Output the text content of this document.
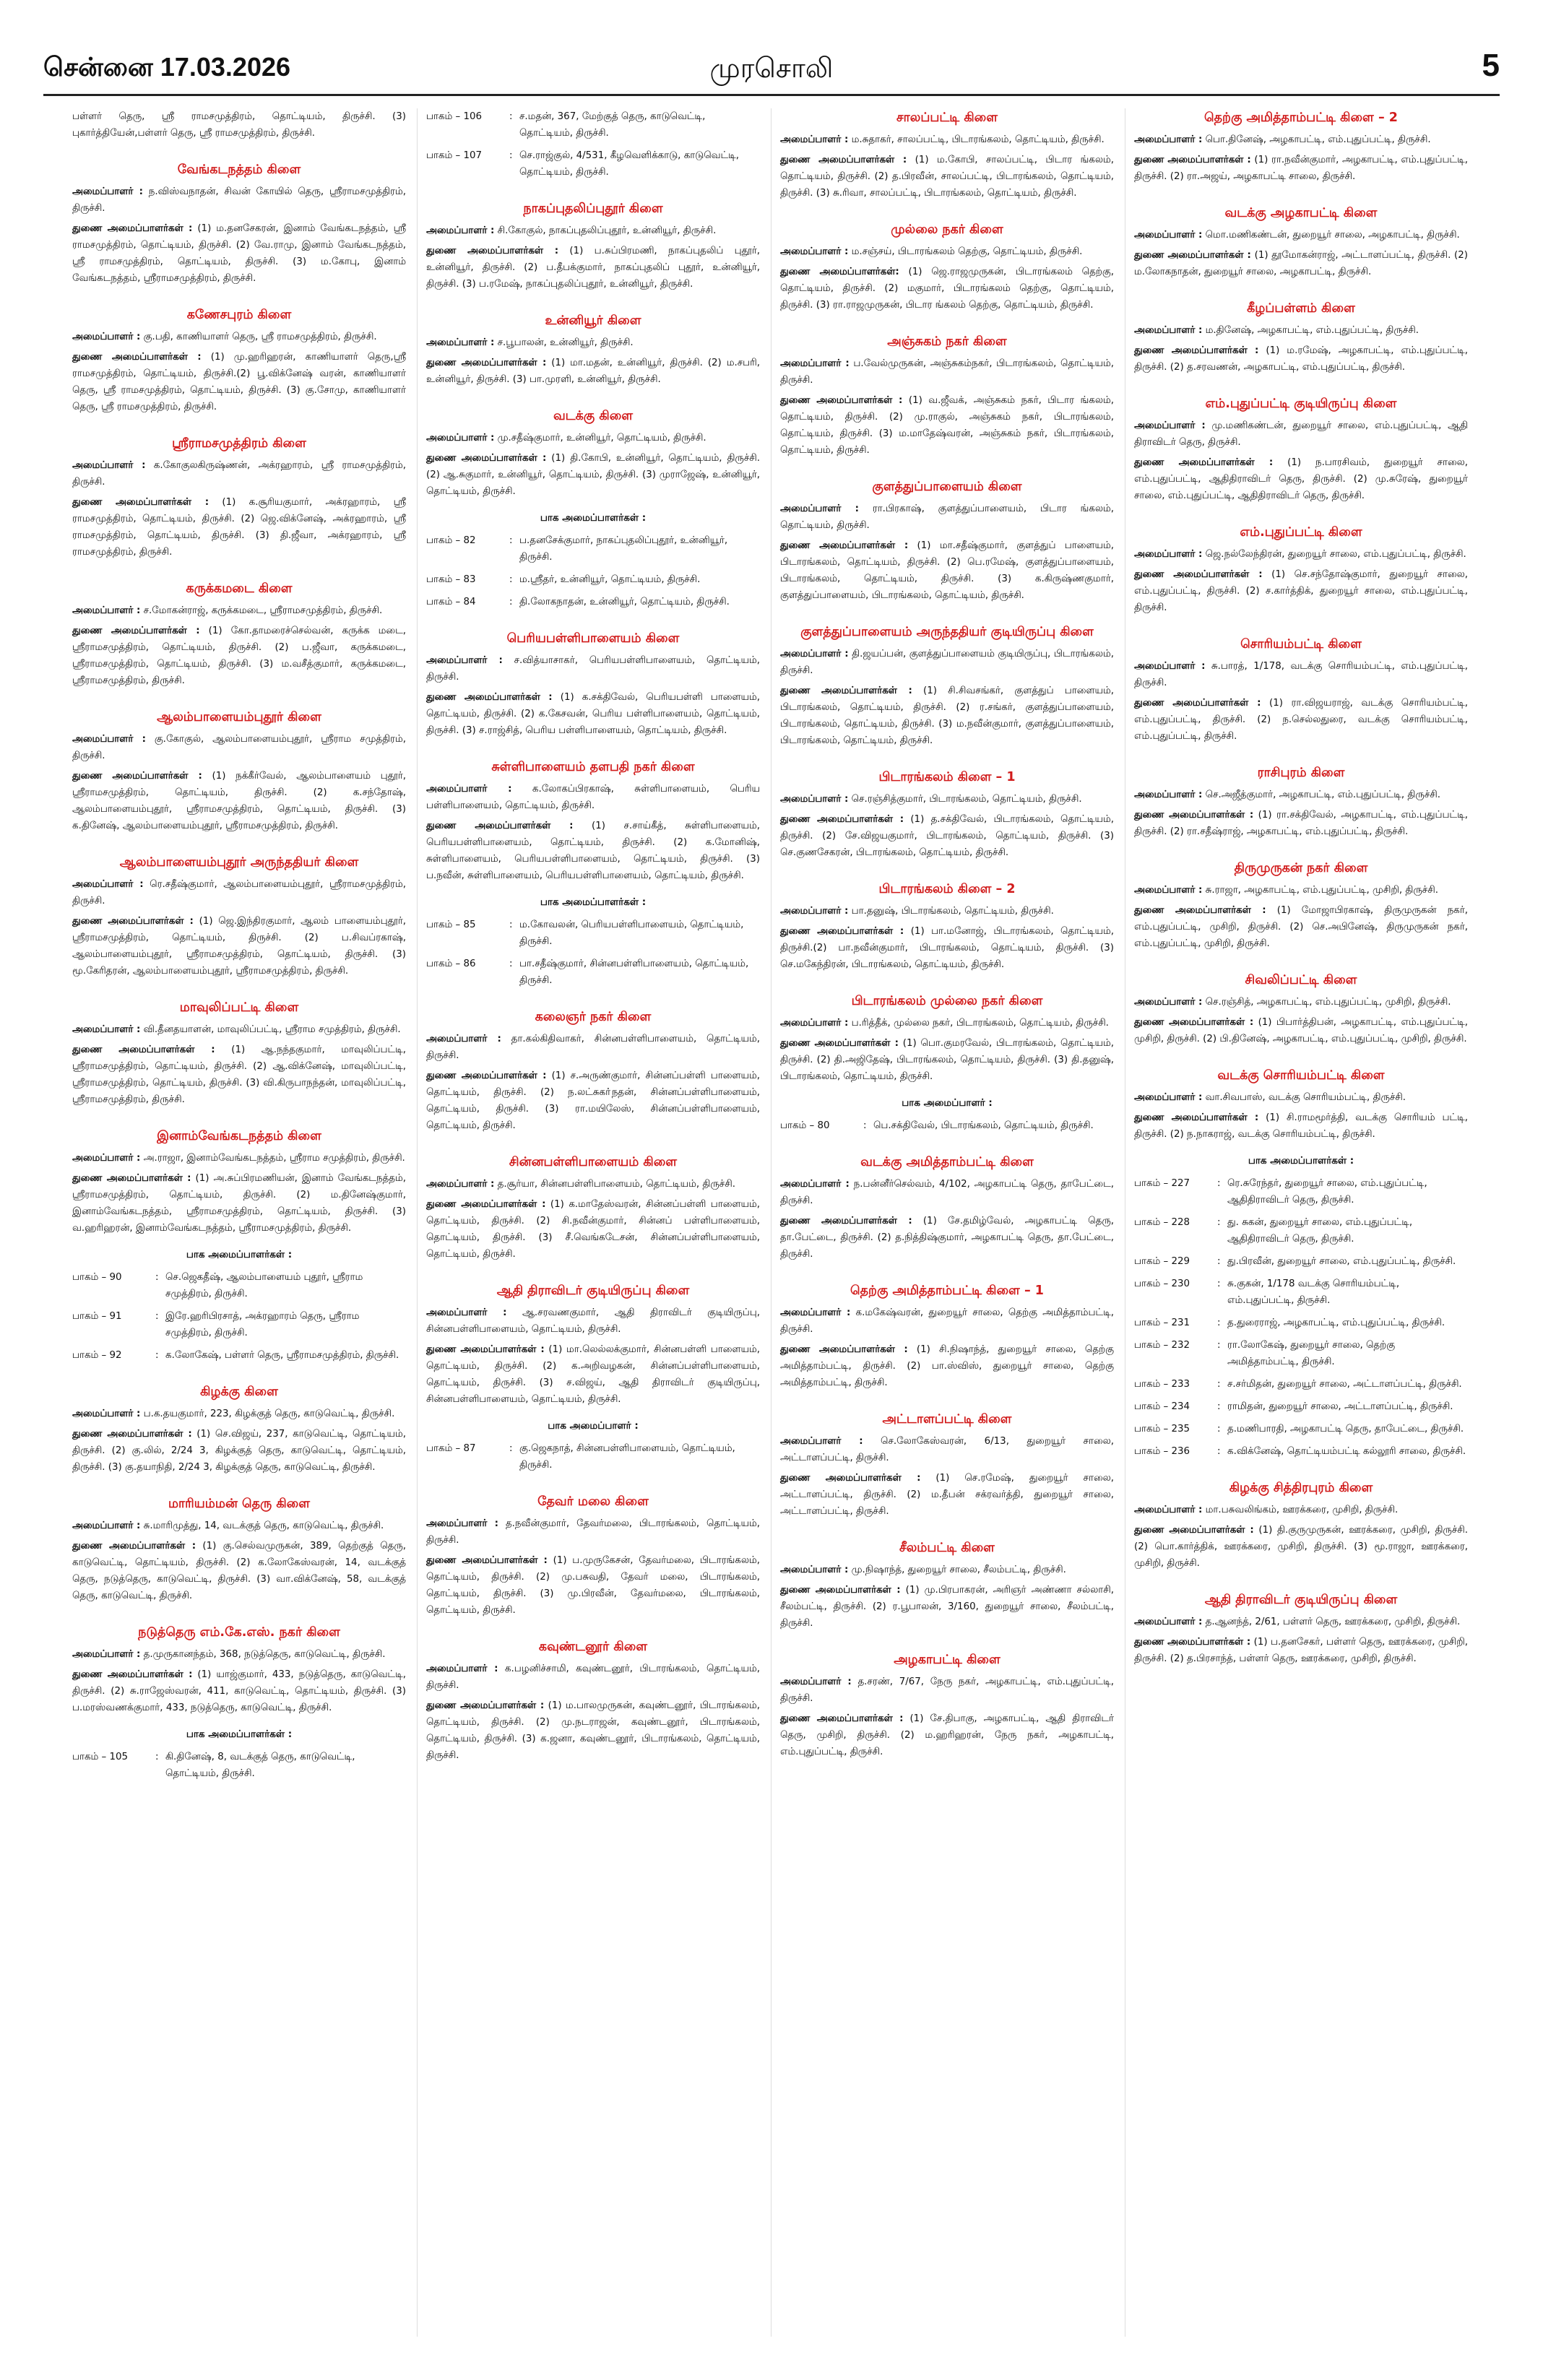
சென்னை 17.03.2026	முரசொலி	5

பள்ளர் தெரு, ஸ்ரீ ராமசமுத்திரம், தொட்டியம், திருச்சி. (3) புகார்த்தியேன்,பள்ளர் தெரு, ஸ்ரீ ராமசமுத்திரம், திருச்சி.

வேங்கடநத்தம் கிளை

அமைப்பாளர் : ந.விஸ்வநாதன், சிவன் கோயில் தெரு, ஸ்ரீராமசமுத்திரம், திருச்சி.

துணை அமைப்பாளர்கள் : (1) ம.தனசேகரன், இனாம் வேங்கடநத்தம், ஸ்ரீ ராமசமுத்திரம், தொட்டியம், திருச்சி. (2) வே.ராமு, இனாம் வேங்கடநத்தம், ஸ்ரீ ராமசமுத்திரம், தொட்டியம், திருச்சி. (3) ம.கோபு, இனாம் வேங்கடநத்தம், ஸ்ரீராமசமுத்திரம், திருச்சி.

கணேசபுரம் கிளை

அமைப்பாளர் : கு.பதி, காணியாளர் தெரு, ஸ்ரீ ராமசமுத்திரம், திருச்சி.

துணை அமைப்பாளர்கள் : (1) மு.ஹரிஹரன், காணியாளர் தெரு,ஸ்ரீ ராமசமுத்திரம், தொட்டியம், திருச்சி.(2) பூ.விக்னேஷ் வரன், காணியாளர் தெரு, ஸ்ரீ ராமசமுத்திரம், தொட்டியம், திருச்சி. (3) கு.சோமு, காணியாளர் தெரு, ஸ்ரீ ராமசமுத்திரம், திருச்சி.

ஸ்ரீராமசமுத்திரம் கிளை

அமைப்பாளர் : க.கோகுலகிருஷ்ணன், அக்ரஹாரம், ஸ்ரீ ராமசமுத்திரம், திருச்சி.

துணை அமைப்பாளர்கள் : (1) க.சூரியகுமார், அக்ரஹாரம், ஸ்ரீ ராமசமுத்திரம், தொட்டியம், திருச்சி. (2) ஜெ.விக்னேஷ், அக்ரஹாரம், ஸ்ரீ ராமசமுத்திரம், தொட்டியம், திருச்சி. (3) தி.ஜீவா, அக்ரஹாரம், ஸ்ரீ ராமசமுத்திரம், திருச்சி.

கருக்கமடை கிளை

அமைப்பாளர் : ச.மோகன்ராஜ், கருக்கமடை, ஸ்ரீராமசமுத்திரம், திருச்சி.

துணை அமைப்பாளர்கள் : (1) கோ.தாமரைச்செல்வன், கருக்க மடை, ஸ்ரீராமசமுத்திரம், தொட்டியம், திருச்சி. (2) ப.ஜீவா, கருக்கமடை, ஸ்ரீராமசமுத்திரம், தொட்டியம், திருச்சி. (3) ம.வசீத்குமார், கருக்கமடை, ஸ்ரீராமசமுத்திரம், திருச்சி.

ஆலம்பாளையம்புதூர் கிளை

அமைப்பாளர் : கு.கோகுல், ஆலம்பாளையம்புதூர், ஸ்ரீராம சமுத்திரம், திருச்சி.

துணை அமைப்பாளர்கள் : (1) நக்கீர்வேல், ஆலம்பாளையம் புதூர், ஸ்ரீராமசமுத்திரம், தொட்டியம், திருச்சி. (2) க.சந்தோஷ், ஆலம்பாளையம்புதூர், ஸ்ரீராமசமுத்திரம், தொட்டியம், திருச்சி. (3) க.தினேஷ், ஆலம்பாளையம்புதூர், ஸ்ரீராமசமுத்திரம், திருச்சி.

ஆலம்பாளையம்புதூர் அருந்ததியர் கிளை

அமைப்பாளர் : ரெ.சதீஷ்குமார், ஆலம்பாளையம்புதூர், ஸ்ரீராமசமுத்திரம், திருச்சி.

துணை அமைப்பாளர்கள் : (1) ஜெ.இந்திரகுமார், ஆலம் பாளையம்புதூர், ஸ்ரீராமசமுத்திரம், தொட்டியம், திருச்சி. (2) ப.சிவப்ரகாஷ், ஆலம்பாளையம்புதூர், ஸ்ரீராமசமுத்திரம், தொட்டியம், திருச்சி. (3) மூ.கேரிதரன், ஆலம்பாளையம்புதூர், ஸ்ரீராமசமுத்திரம், திருச்சி.

மாவுலிப்பட்டி கிளை

அமைப்பாளர் : வி.தீனதயாளன், மாவுலிப்பட்டி, ஸ்ரீராம சமுத்திரம், திருச்சி.

துணை அமைப்பாளர்கள் : (1) ஆ.நந்தகுமார், மாவுலிப்பட்டி, ஸ்ரீராமசமுத்திரம், தொட்டியம், திருச்சி. (2) ஆ.விக்னேஷ், மாவுலிப்பட்டி, ஸ்ரீராமசமுத்திரம், தொட்டியம், திருச்சி. (3) வி.கிருபாநந்தன், மாவுலிப்பட்டி, ஸ்ரீராமசமுத்திரம், திருச்சி.

இனாம்வேங்கடநத்தம் கிளை

அமைப்பாளர் : அ.ராஜா, இனாம்வேங்கடநத்தம், ஸ்ரீராம சமுத்திரம், திருச்சி.

துணை அமைப்பாளர்கள் : (1) அ.சுப்பிரமணியன், இனாம் வேங்கடநத்தம், ஸ்ரீராமசமுத்திரம், தொட்டியம், திருச்சி. (2) ம.தினேஷ்குமார், இனாம்வேங்கடநத்தம், ஸ்ரீராமசமுத்திரம், தொட்டியம், திருச்சி. (3) வ.ஹரிஹரன், இனாம்வேங்கடநத்தம், ஸ்ரீராமசமுத்திரம், திருச்சி.

பாக அமைப்பாளர்கள் :
பாகம் – 90	: செ.ஜெகதீஷ், ஆலம்பாளையம் புதூர், ஸ்ரீராம சமுத்திரம், திருச்சி.
பாகம் – 91	: இரே.ஹரிபிரசாத், அக்ரஹாரம் தெரு, ஸ்ரீராம சமுத்திரம், திருச்சி.
பாகம் – 92	: க.லோகேஷ், பள்ளர் தெரு, ஸ்ரீராமசமுத்திரம், திருச்சி.
கிழக்கு கிளை

அமைப்பாளர் : ப.க.தயகுமார், 223, கிழக்குத் தெரு, காடுவெட்டி, திருச்சி.

துணை அமைப்பாளர்கள் : (1) செ.விஜய், 237, காடுவெட்டி, தொட்டியம், திருச்சி. (2) கு.லில், 2/24 3, கிழக்குத் தெரு, காடுவெட்டி, தொட்டியம், திருச்சி. (3) கு.தயாநிதி, 2/24 3, கிழக்குத் தெரு, காடுவெட்டி, திருச்சி.

மாரியம்மன் தெரு கிளை

அமைப்பாளர் : சு.மாரிமுத்து, 14, வடக்குத் தெரு, காடுவெட்டி, திருச்சி.

துணை அமைப்பாளர்கள் : (1) கு.செல்வமுருகன், 389, தெற்குத் தெரு, காடுவெட்டி, தொட்டியம், திருச்சி. (2) க.லோகேஸ்வரன், 14, வடக்குத் தெரு, நடுத்தெரு, காடுவெட்டி, திருச்சி. (3) வா.விக்னேஷ், 58, வடக்குத் தெரு, காடுவெட்டி, திருச்சி.

நடுத்தெரு எம்.கே.எஸ். நகர் கிளை

அமைப்பாளர் : த.முருகானந்தம், 368, நடுத்தெரு, காடுவெட்டி, திருச்சி.

துணை அமைப்பாளர்கள் : (1) யாஜ்குமார், 433, நடுத்தெரு, காடுவெட்டி, திருச்சி. (2) சு.ராஜேஸ்வரன், 411, காடுவெட்டி, தொட்டியம், திருச்சி. (3) ப.மரஸ்வணக்குமார், 433, நடுத்தெரு, காடுவெட்டி, திருச்சி.

பாக அமைப்பாளர்கள் :
பாகம் – 105	: கி.தினேஷ், 8, வடக்குத் தெரு, காடுவெட்டி, தொட்டியம், திருச்சி.
பாகம் – 106	: ச.மதன், 367, மேற்குத் தெரு, காடுவெட்டி, தொட்டியம், திருச்சி.
பாகம் – 107	: செ.ராஜ்குல், 4/531, கீழவெளிக்காடு, காடுவெட்டி, தொட்டியம், திருச்சி.
நாகப்புதலிப்புதூர் கிளை

அமைப்பாளர் : சி.கோகுல், நாகப்புதலிப்புதூர், உன்னியூர், திருச்சி.

துணை அமைப்பாளர்கள் : (1) ப.சுப்பிரமணி, நாகப்புதலிப் புதூர், உன்னியூர், திருச்சி. (2) ப.தீபக்குமார், நாகப்புதலிப் புதூர், உன்னியூர், திருச்சி. (3) ப.ரமேஷ், நாகப்புதலிப்புதூர், உன்னியூர், திருச்சி.

உன்னியூர் கிளை

அமைப்பாளர் : ச.பூபாலன், உன்னியூர், திருச்சி.

துணை அமைப்பாளர்கள் : (1) மா.மதன், உன்னியூர், திருச்சி. (2) ம.சபரி, உன்னியூர், திருச்சி. (3) பா.முரளி, உன்னியூர், திருச்சி.

வடக்கு கிளை

அமைப்பாளர் : மு.சதீஷ்குமார், உன்னியூர், தொட்டியம், திருச்சி.

துணை அமைப்பாளர்கள் : (1) தி.கோபி, உன்னியூர், தொட்டியம், திருச்சி. (2) ஆ.சுகுமார், உன்னியூர், தொட்டியம், திருச்சி. (3) முராஜேஷ், உன்னியூர், தொட்டியம், திருச்சி.

பாக அமைப்பாளர்கள் :
பாகம் – 82	: ப.தனசேக்குமார், நாகப்புதலிப்புதூர், உன்னியூர், திருச்சி.
பாகம் – 83	: ம.ஸ்ரீதர், உன்னியூர், தொட்டியம், திருச்சி.
பாகம் – 84	: தி.லோகநாதன், உன்னியூர், தொட்டியம், திருச்சி.
பெரியபள்ளிபாளையம் கிளை

அமைப்பாளர் : ச.வித்யாசாகர், பெரியபள்ளிபாளையம், தொட்டியம், திருச்சி.

துணை அமைப்பாளர்கள் : (1) க.சக்திவேல், பெரியபள்ளி பாளையம், தொட்டியம், திருச்சி. (2) க.கேசவன், பெரிய பள்ளிபாளையம், தொட்டியம், திருச்சி. (3) ச.ராஜ்சித், பெரிய பள்ளிபாளையம், தொட்டியம், திருச்சி.

சுள்ளிபாளையம் தளபதி நகர் கிளை

அமைப்பாளர் : க.லோகப்பிரகாஷ், சுள்ளிபாளையம், பெரிய பள்ளிபாளையம், தொட்டியம், திருச்சி.

துணை அமைப்பாளர்கள் : (1) ச.சாய்கீத், சுள்ளிபாளையம், பெரியபள்ளிபாளையம், தொட்டியம், திருச்சி. (2) க.மோனிஷ், சுள்ளிபாளையம், பெரியபள்ளிபாளையம், தொட்டியம், திருச்சி. (3) ப.நவீன், சுள்ளிபாளையம், பெரியபள்ளிபாளையம், தொட்டியம், திருச்சி.

பாக அமைப்பாளர்கள் :
பாகம் – 85	: ம.கோவலன், பெரியபள்ளிபாளையம், தொட்டியம், திருச்சி.
பாகம் – 86	: பா.சதீஷ்குமார், சின்னபள்ளிபாளையம், தொட்டியம், திருச்சி.
கலைஞர் நகர் கிளை

அமைப்பாளர் : தா.கல்கிதிவாகர், சின்னபள்ளிபாளையம், தொட்டியம், திருச்சி.

துணை அமைப்பாளர்கள் : (1) ச.அருண்குமார், சின்னப்பள்ளி பாளையம், தொட்டியம், திருச்சி. (2) ந.லட்சுகா்நதன், சின்னப்பள்ளிபாளையம், தொட்டியம், திருச்சி. (3) ரா.மயிலேஸ், சின்னப்பள்ளிபாளையம், தொட்டியம், திருச்சி.

சின்னபள்ளிபாளையம் கிளை

அமைப்பாளர் : த.சூர்யா, சின்னபள்ளிபாளையம், தொட்டியம், திருச்சி.

துணை அமைப்பாளர்கள் : (1) க.மாதேஸ்வரன், சின்னப்பள்ளி பாளையம், தொட்டியம், திருச்சி. (2) சி.நவீன்குமார், சின்னப் பள்ளிபாளையம், தொட்டியம், திருச்சி. (3) சீ.வெங்கடேசன், சின்னப்பள்ளிபாளையம், தொட்டியம், திருச்சி.

ஆதி திராவிடர் குடியிருப்பு கிளை

அமைப்பாளர் : ஆ.சரவணகுமார், ஆதி திராவிடர் குடியிருப்பு, சின்னபள்ளிபாளையம், தொட்டியம், திருச்சி.

துணை அமைப்பாளர்கள் : (1) மா.லெல்லக்குமார், சின்னபள்ளி பாளையம், தொட்டியம், திருச்சி. (2) க.அறிவழகன், சின்னப்பள்ளிபாளையம், தொட்டியம், திருச்சி. (3) ச.விஜய், ஆதி திராவிடர் குடியிருப்பு, சின்னபள்ளிபாளையம், தொட்டியம், திருச்சி.

பாக அமைப்பாளர் :
பாகம் – 87	: கு.ஜெகநாத், சின்னபள்ளிபாளையம், தொட்டியம், திருச்சி.
தேவர் மலை கிளை

அமைப்பாளர் : த.நவீன்குமார், தேவர்மலை, பிடாரங்கலம், தொட்டியம், திருச்சி.

துணை அமைப்பாளர்கள் : (1) ப.முருகேசன், தேவர்மலை, பிடாரங்கலம், தொட்டியம், திருச்சி. (2) மு.பசுவதி, தேவர் மலை, பிடாரங்கலம், தொட்டியம், திருச்சி. (3) மு.பிரவீன், தேவர்மலை, பிடாரங்கலம், தொட்டியம், திருச்சி.

கவுண்டனூர் கிளை

அமைப்பாளர் : க.பழனிச்சாமி, கவுண்டனூர், பிடாரங்கலம், தொட்டியம், திருச்சி.

துணை அமைப்பாளர்கள் : (1) ம.பாலமுருகன், கவுண்டனூர், பிடாரங்கலம், தொட்டியம், திருச்சி. (2) மு.நடராஜன், கவுண்டனூர், பிடாரங்கலம், தொட்டியம், திருச்சி. (3) க.ஜனா, கவுண்டனூர், பிடாரங்கலம், தொட்டியம், திருச்சி.

சாலப்பட்டி கிளை

அமைப்பாளர் : ம.சுதாகர், சாலப்பட்டி, பிடாரங்கலம், தொட்டியம், திருச்சி.

துணை அமைப்பாளர்கள் : (1) ம.கோபி, சாலப்பட்டி, பிடார ங்கலம், தொட்டியம், திருச்சி. (2) த.பிரவீன், சாலப்பட்டி, பிடாரங்கலம், தொட்டியம், திருச்சி. (3) சு.ரிவா, சாலப்பட்டி, பிடாரங்கலம், தொட்டியம், திருச்சி.

முல்லை நகர் கிளை

அமைப்பாளர் : ம.சஞ்சய், பிடாரங்கலம் தெற்கு, தொட்டியம், திருச்சி.

துணை அமைப்பாளர்கள்: (1) ஜெ.ராஜமுருகன், பிடாரங்கலம் தெற்கு, தொட்டியம், திருச்சி. (2) மகுமார், பிடாரங்கலம் தெற்கு, தொட்டியம், திருச்சி. (3) ரா.ராஜமுருகன், பிடார ங்கலம் தெற்கு, தொட்டியம், திருச்சி.

அஞ்சுகம் நகர் கிளை

அமைப்பாளர் : ப.வேல்முருகன், அஞ்சுகம்நகர், பிடாரங்கலம், தொட்டியம், திருச்சி.

துணை அமைப்பாளர்கள் : (1) வ.ஜீவக், அஞ்சுகம் நகர், பிடார ங்கலம், தொட்டியம், திருச்சி. (2) மு.ராகுல், அஞ்சுகம் நகர், பிடாரங்கலம், தொட்டியம், திருச்சி. (3) ம.மாதேஷ்வரன், அஞ்சுகம் நகர், பிடாரங்கலம், தொட்டியம், திருச்சி.

குளத்துப்பாளையம் கிளை

அமைப்பாளர் : ரா.பிரகாஷ், குளத்துப்பாளையம், பிடார ங்கலம், தொட்டியம், திருச்சி.

துணை அமைப்பாளர்கள் : (1) மா.சதீஷ்குமார், குளத்துப் பாளையம், பிடாரங்கலம், தொட்டியம், திருச்சி. (2) பெ.ரமேஷ், குளத்துப்பாளையம், பிடாரங்கலம், தொட்டியம், திருச்சி. (3) க.கிருஷ்ணகுமார், குளத்துப்பாளையம், பிடாரங்கலம், தொட்டியம், திருச்சி.

குளத்துப்பாளையம் அருந்ததியர் குடியிருப்பு கிளை

அமைப்பாளர் : தி.ஜயப்பன், குளத்துப்பாளையம் குடியிருப்பு, பிடாரங்கலம், திருச்சி.

துணை அமைப்பாளர்கள் : (1) சி.சிவசங்கர், குளத்துப் பாளையம், பிடாரங்கலம், தொட்டியம், திருச்சி. (2) ர.சங்கர், குளத்துப்பாளையம், பிடாரங்கலம், தொட்டியம், திருச்சி. (3) ம.நவீன்குமார், குளத்துப்பாளையம், பிடாரங்கலம், தொட்டியம், திருச்சி.

பிடாரங்கலம் கிளை – 1

அமைப்பாளர் : செ.ரஞ்சித்குமார், பிடாரங்கலம், தொட்டியம், திருச்சி.

துணை அமைப்பாளர்கள் : (1) த.சக்திவேல், பிடாரங்கலம், தொட்டியம், திருச்சி. (2) சே.விஜயகுமார், பிடாரங்கலம், தொட்டியம், திருச்சி. (3) செ.குணசேகரன், பிடாரங்கலம், தொட்டியம், திருச்சி.

பிடாரங்கலம் கிளை – 2

அமைப்பாளர் : பா.தனுஷ், பிடாரங்கலம், தொட்டியம், திருச்சி.

துணை அமைப்பாளர்கள் : (1) பா.மனோஜ், பிடாரங்கலம், தொட்டியம், திருச்சி.(2) பா.நவீன்குமார், பிடாரங்கலம், தொட்டியம், திருச்சி. (3) செ.மகேந்திரன், பிடாரங்கலம், தொட்டியம், திருச்சி.

பிடாரங்கலம் முல்லை நகர் கிளை

அமைப்பாளர் : ப.ரித்தீக், முல்லை நகர், பிடாரங்கலம், தொட்டியம், திருச்சி.

துணை அமைப்பாளர்கள் : (1) பொ.குமரவேல், பிடாரங்கலம், தொட்டியம், திருச்சி. (2) தி.அஜிதேஷ், பிடாரங்கலம், தொட்டியம், திருச்சி. (3) தி.தனுஷ், பிடாரங்கலம், தொட்டியம், திருச்சி.

பாக அமைப்பாளர் :
பாகம் – 80	: பெ.சக்திவேல், பிடாரங்கலம், தொட்டியம், திருச்சி.
வடக்கு அமித்தாம்பட்டி கிளை

அமைப்பாளர் : ந.பன்னீர்செல்வம், 4/102, அழகாபட்டி தெரு, தாபேட்டை, திருச்சி.

துணை அமைப்பாளர்கள் : (1) சே.தமிழ்வேல், அழகாபட்டி தெரு, தா.பேட்டை, திருச்சி. (2) த.நித்திஷ்குமார், அழகாபட்டி தெரு, தா.பேட்டை, திருச்சி.

தெற்கு அமித்தாம்பட்டி கிளை – 1

அமைப்பாளர் : க.மகேஷ்வரன், துறையூர் சாலை, தெற்கு அமித்தாம்பட்டி, திருச்சி.

துணை அமைப்பாளர்கள் : (1) சி.நிஷாந்த், துறையூர் சாலை, தெற்கு அமித்தாம்பட்டி, திருச்சி. (2) பா.ஸ்விஸ், துறையூர் சாலை, தெற்கு அமித்தாம்பட்டி, திருச்சி.

அட்டாளப்பட்டி கிளை

அமைப்பாளர் : செ.லோகேஸ்வரன், 6/13, துறையூர் சாலை, அட்டாளப்பட்டி, திருச்சி.

துணை அமைப்பாளர்கள் : (1) செ.ரமேஷ், துறையூர் சாலை, அட்டாளப்பட்டி, திருச்சி. (2) ம.தீபன் சக்ரவர்த்தி, துறையூர் சாலை, அட்டாளப்பட்டி, திருச்சி.

சீலம்பட்டி கிளை

அமைப்பாளர் : மு.நிஷாந்த், துறையூர் சாலை, சீலம்பட்டி, திருச்சி.

துணை அமைப்பாளர்கள் : (1) மு.பிரபாகரன், அரிஞர் அண்ணா சல்லாசி, சீலம்பட்டி, திருச்சி. (2) ர.பூபாலன், 3/160, துறையூர் சாலை, சீலம்பட்டி, திருச்சி.

அழகாபட்டி கிளை

அமைப்பாளர் : த.சரண், 7/67, நேரு நகர், அழகாபட்டி, எம்.புதுப்பட்டி, திருச்சி.

துணை அமைப்பாளர்கள் : (1) சே.திபாகு, அழகாபட்டி, ஆதி திராவிடர் தெரு, முசிறி, திருச்சி. (2) ம.ஹரிஹரன், நேரு நகர், அழகாபட்டி, எம்.புதுப்பட்டி, திருச்சி.

தெற்கு அமித்தாம்பட்டி கிளை – 2

அமைப்பாளர் : பொ.தினேஷ், அழகாபட்டி, எம்.புதுப்பட்டி, திருச்சி.

துணை அமைப்பாளர்கள் : (1) ரா.நவீன்குமார், அழகாபட்டி, எம்.புதுப்பட்டி, திருச்சி. (2) ரா.அஜய், அழகாபட்டி சாலை, திருச்சி.

வடக்கு அழகாபட்டி கிளை

அமைப்பாளர் : மொ.மணிகண்டன், துறையூர் சாலை, அழகாபட்டி, திருச்சி.

துணை அமைப்பாளர்கள் : (1) தூமோகன்ராஜ், அட்டாளப்பட்டி, திருச்சி. (2) ம.லோகநாதன், துறையூர் சாலை, அழகாபட்டி, திருச்சி.

கீழப்பள்ளம் கிளை

அமைப்பாளர் : ம.தினேஷ், அழகாபட்டி, எம்.புதுப்பட்டி, திருச்சி.

துணை அமைப்பாளர்கள் : (1) ம.ரமேஷ், அழகாபட்டி, எம்.புதுப்பட்டி, திருச்சி. (2) த.சரவணன், அழகாபட்டி, எம்.புதுப்பட்டி, திருச்சி.

எம்.புதுப்பட்டி குடியிருப்பு கிளை

அமைப்பாளர் : மு.மணிகண்டன், துறையூர் சாலை, எம்.புதுப்பட்டி, ஆதி திராவிடர் தெரு, திருச்சி.

துணை அமைப்பாளர்கள் : (1) ந.பாரசிவம், துறையூர் சாலை, எம்.புதுப்பட்டி, ஆதிதிராவிடர் தெரு, திருச்சி. (2) மு.சுரேஷ், துறையூர் சாலை, எம்.புதுப்பட்டி, ஆதிதிராவிடர் தெரு, திருச்சி.

எம்.புதுப்பட்டி கிளை

அமைப்பாளர் : ஜெ.நல்லேந்திரன், துறையூர் சாலை, எம்.புதுப்பட்டி, திருச்சி.

துணை அமைப்பாளர்கள் : (1) செ.சந்தோஷ்குமார், துறையூர் சாலை, எம்.புதுப்பட்டி, திருச்சி. (2) ச.கார்த்திக், துறையூர் சாலை, எம்.புதுப்பட்டி, திருச்சி.

சொரியம்பட்டி கிளை

அமைப்பாளர் : சு.பாரத், 1/178, வடக்கு சொரியம்பட்டி, எம்.புதுப்பட்டி, திருச்சி.

துணை அமைப்பாளர்கள் : (1) ரா.விஜயராஜ், வடக்கு சொரியம்பட்டி, எம்.புதுப்பட்டி, திருச்சி. (2) ந.செல்லதுரை, வடக்கு சொரியம்பட்டி, எம்.புதுப்பட்டி, திருச்சி.

ராசிபுரம் கிளை

அமைப்பாளர் : செ.அஜீத்குமார், அழகாபட்டி, எம்.புதுப்பட்டி, திருச்சி.

துணை அமைப்பாளர்கள் : (1) ரா.சக்திவேல், அழகாபட்டி, எம்.புதுப்பட்டி, திருச்சி. (2) ரா.சதீஷ்ராஜ், அழகாபட்டி, எம்.புதுப்பட்டி, திருச்சி.

திருமுருகன் நகர் கிளை

அமைப்பாளர் : சு.ராஜா, அழகாபட்டி, எம்.புதுப்பட்டி, முசிறி, திருச்சி.

துணை அமைப்பாளர்கள் : (1) மோஜாபிரகாஷ், திருமுருகன் நகர், எம்.புதுப்பட்டி, முசிறி, திருச்சி. (2) செ.அபினேஷ், திருமுருகன் நகர், எம்.புதுப்பட்டி, முசிறி, திருச்சி.

சிவலிப்பட்டி கிளை

அமைப்பாளர் : செ.ரஞ்சித், அழகாபட்டி, எம்.புதுப்பட்டி, முசிறி, திருச்சி.

துணை அமைப்பாளர்கள் : (1) பிபார்த்திபன், அழகாபட்டி, எம்.புதுப்பட்டி, முசிறி, திருச்சி. (2) பி.தினேஷ், அழகாபட்டி, எம்.புதுப்பட்டி, முசிறி, திருச்சி.

வடக்கு சொரியம்பட்டி கிளை

அமைப்பாளர் : வா.சிவபாஸ், வடக்கு சொரியம்பட்டி, திருச்சி.

துணை அமைப்பாளர்கள் : (1) சி.ராமமூர்த்தி, வடக்கு சொரியம் பட்டி, திருச்சி. (2) ந.நாகராஜ், வடக்கு சொரியம்பட்டி, திருச்சி.

பாக அமைப்பாளர்கள் :
பாகம் – 227	: ரெ.சுரேந்தர், துறையூர் சாலை, எம்.புதுப்பட்டி, ஆதிதிராவிடர் தெரு, திருச்சி.
பாகம் – 228	: து. சுகன், துறையூர் சாலை, எம்.புதுப்பட்டி, ஆதிதிராவிடர் தெரு, திருச்சி.
பாகம் – 229	: து.பிரவீன், துறையூர் சாலை, எம்.புதுப்பட்டி, திருச்சி.
பாகம் – 230	: சு.குகன், 1/178 வடக்கு சொரியம்பட்டி, எம்.புதுப்பட்டி, திருச்சி.
பாகம் – 231	: த.துரைராஜ், அழகாபட்டி, எம்.புதுப்பட்டி, திருச்சி.
பாகம் – 232	: ரா.லோகேஷ், துறையூர் சாலை, தெற்கு அமித்தாம்பட்டி, திருச்சி.
பாகம் – 233	: ச.சர்மிதன், துறையூர் சாலை, அட்டாளப்பட்டி, திருச்சி.
பாகம் – 234	: ராமிதன், துறையூர் சாலை, அட்டாளப்பட்டி, திருச்சி.
பாகம் – 235	: த.மணிபாரதி, அழகாபட்டி தெரு, தாபேட்டை, திருச்சி.
பாகம் – 236	: க.விக்னேஷ், தொட்டியம்பட்டி கல்லூரி சாலை, திருச்சி.
கிழக்கு சித்திரபுரம் கிளை

அமைப்பாளர் : மா.பசுவலிங்கம், ஊரக்கரை, முசிறி, திருச்சி.

துணை அமைப்பாளர்கள் : (1) தி.குருமுருகன், ஊரக்கரை, முசிறி, திருச்சி. (2) பொ.கார்த்திக், ஊரக்கரை, முசிறி, திருச்சி. (3) மூ.ராஜா, ஊரக்கரை, முசிறி, திருச்சி.

ஆதி திராவிடர் குடியிருப்பு கிளை

அமைப்பாளர் : த.ஆனந்த், 2/61, பள்ளர் தெரு, ஊரக்கரை, முசிறி, திருச்சி.

துணை அமைப்பாளர்கள் : (1) ப.தனசேகர், பள்ளர் தெரு, ஊரக்கரை, முசிறி, திருச்சி. (2) த.பிரசாந்த், பள்ளர் தெரு, ஊரக்கரை, முசிறி, திருச்சி.
